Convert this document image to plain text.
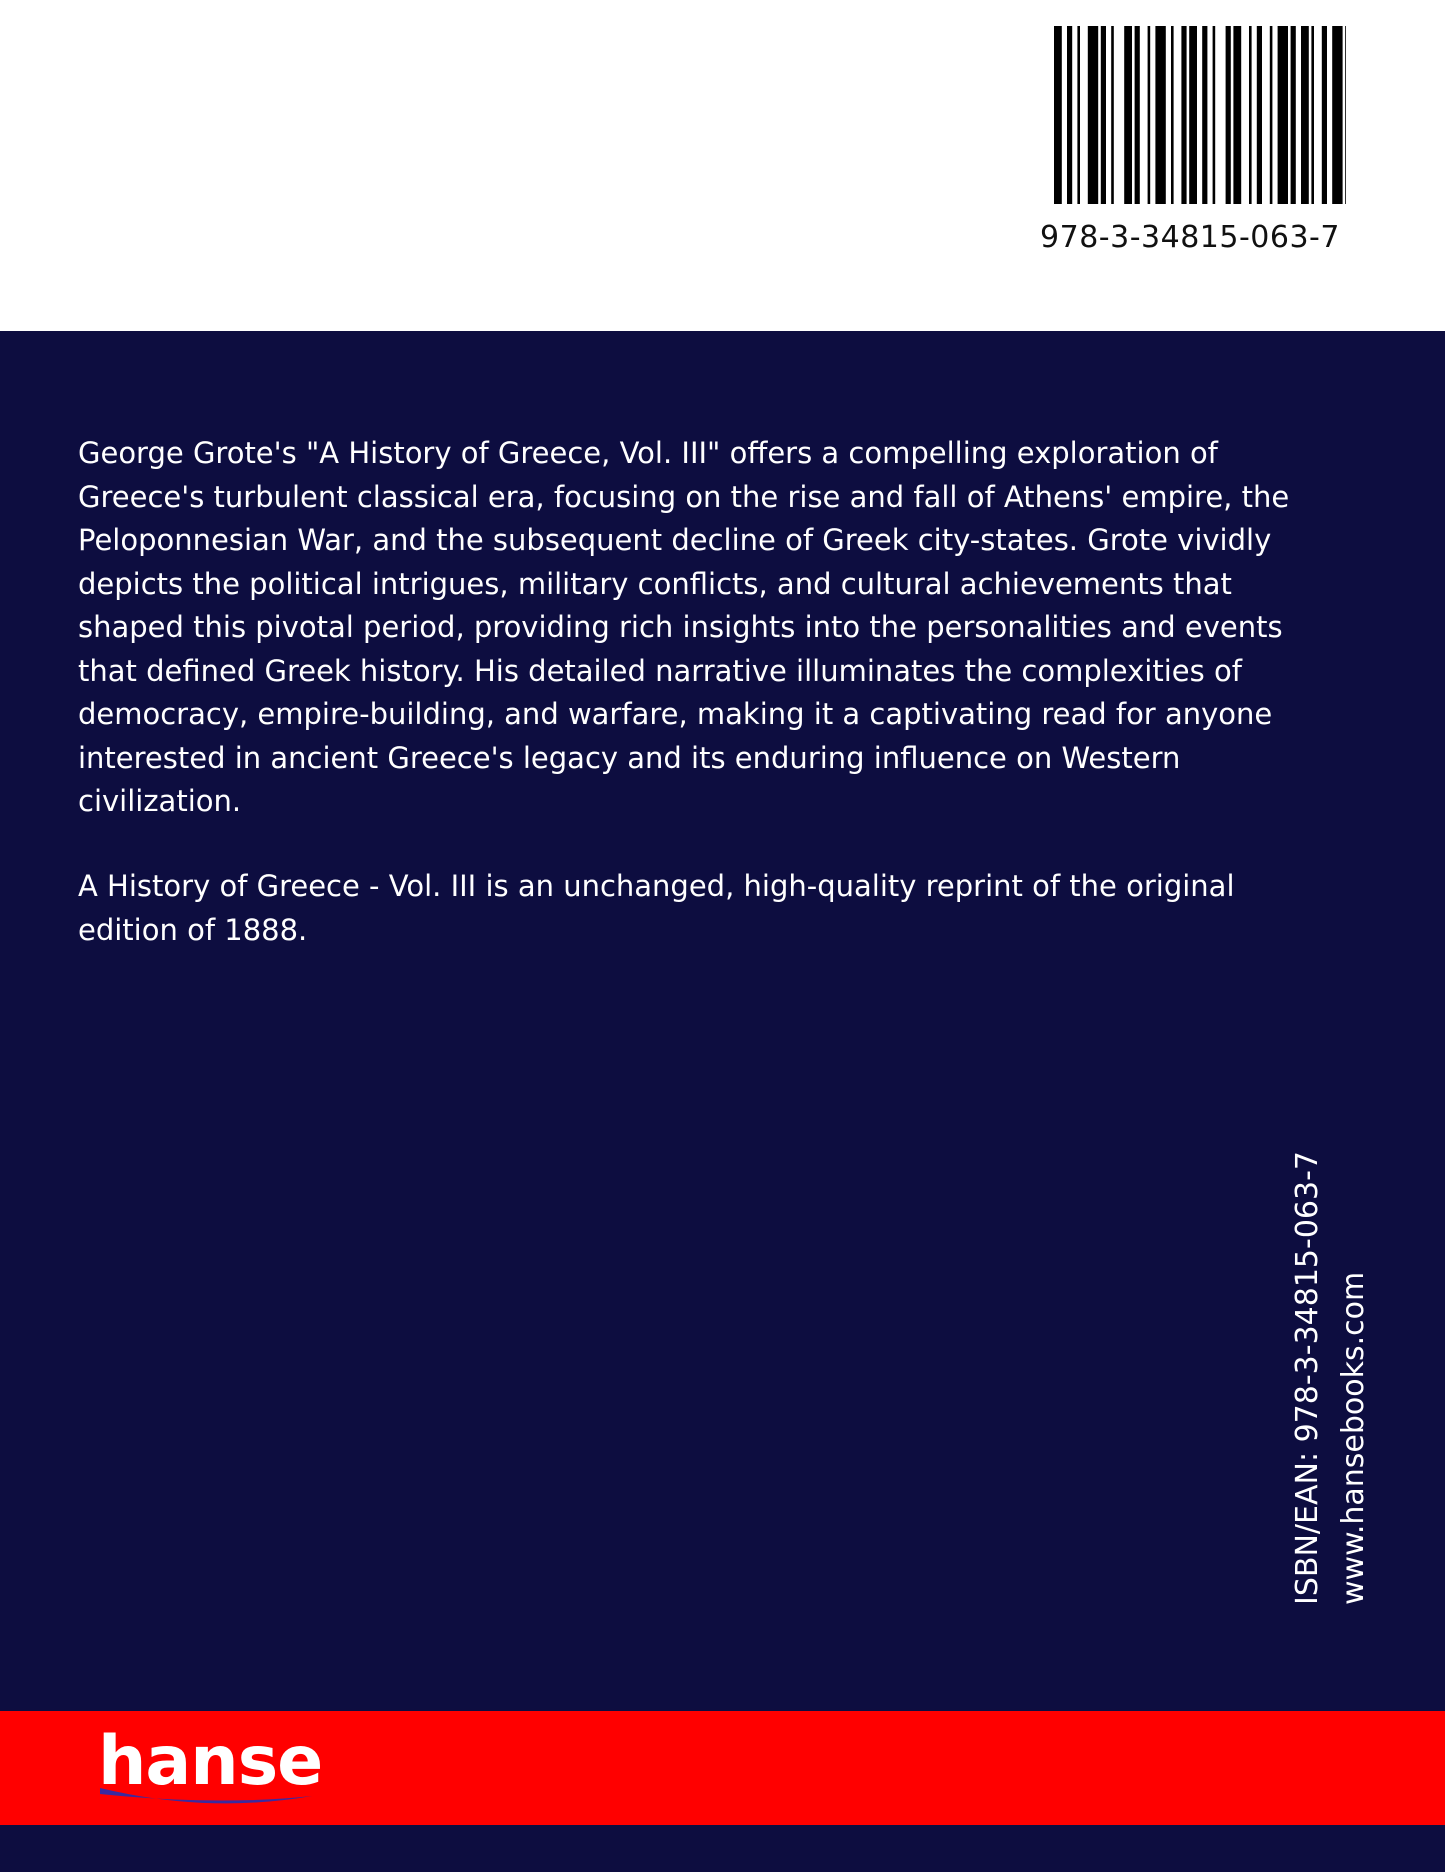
978-3-34815-063-7

George Grote's "A History of Greece, Vol. III" offers a compelling exploration of Greece's turbulent classical era, focusing on the rise and fall of Athens' empire, the Peloponnesian War, and the subsequent decline of Greek city-states. Grote vividly depicts the political intrigues, military conflicts, and cultural achievements that shaped this pivotal period, providing rich insights into the personalities and events that defined Greek history. His detailed narrative illuminates the complexities of democracy, empire-building, and warfare, making it a captivating read for anyone interested in ancient Greece's legacy and its enduring influence on Western civilization.

A History of Greece - Vol. III is an unchanged, high-quality reprint of the original edition of 1888.

ISBN/EAN: 978-3-34815-063-7 www.hansebooks.com
hanse
